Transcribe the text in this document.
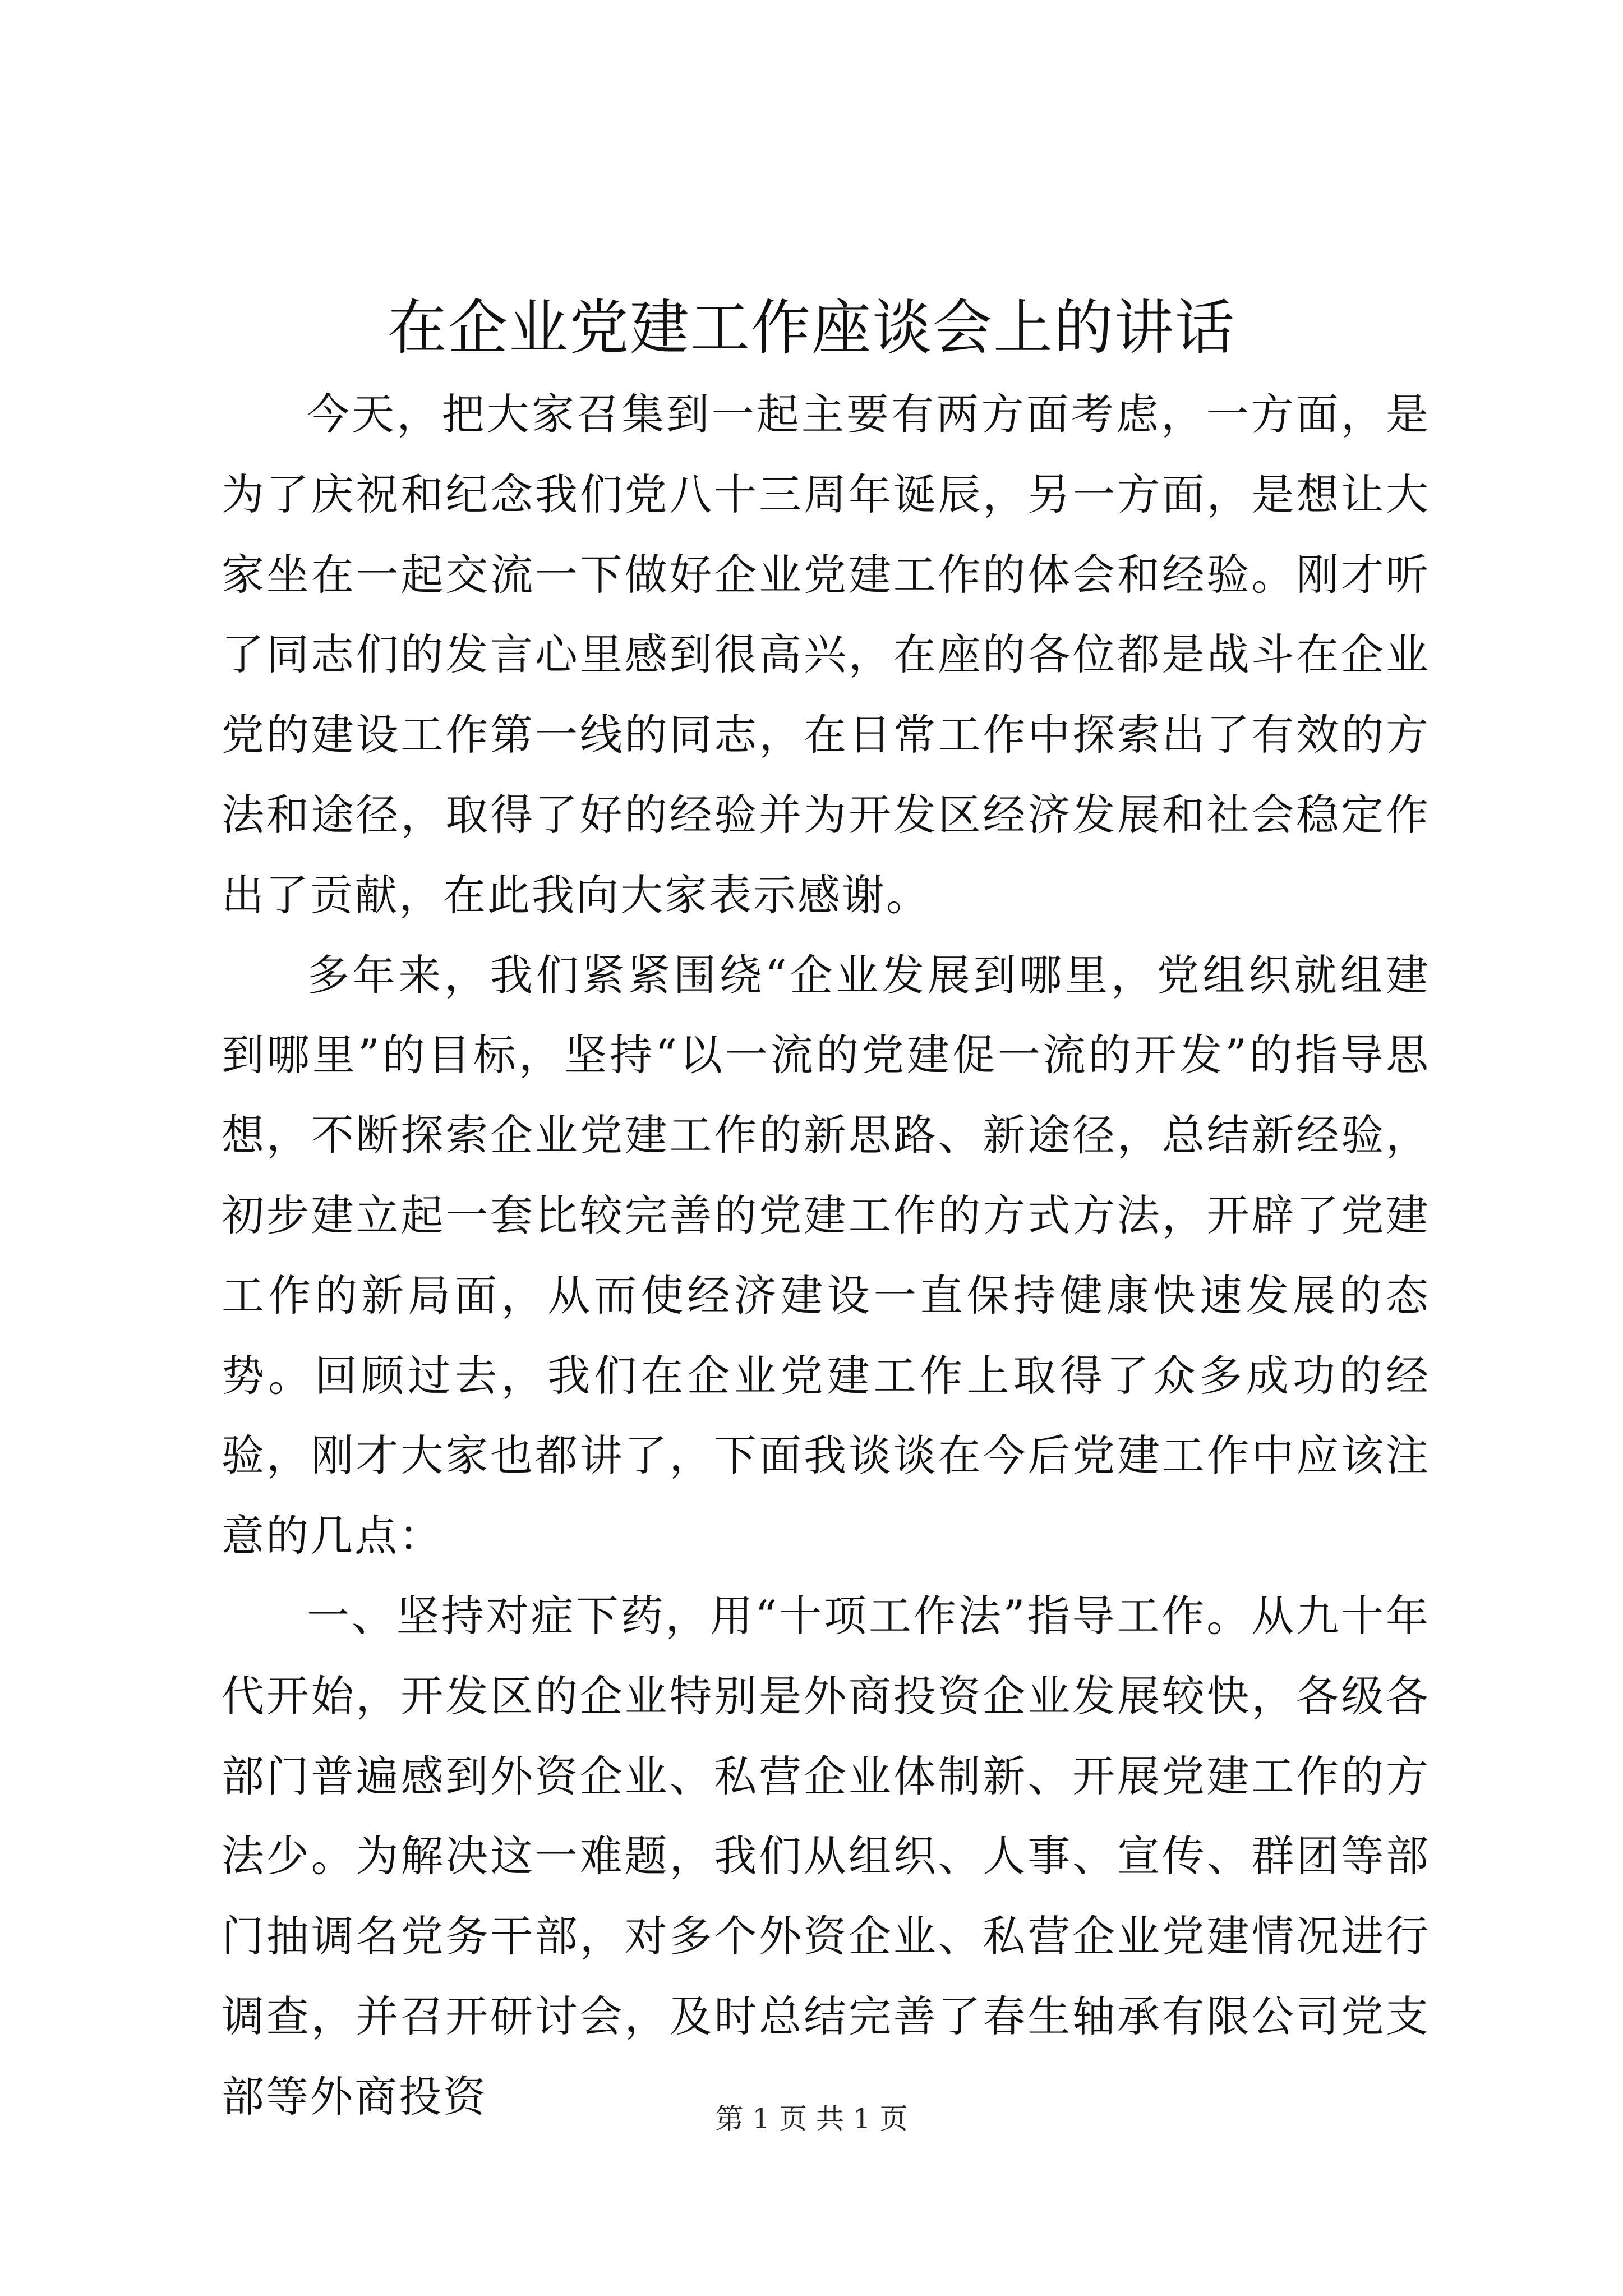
在企业党建工作座谈会上的讲话

今天，把大家召集到一起主要有两方面考虑，一方面，是为了庆祝和纪念我们党八十三周年诞辰，另一方面，是想让大家坐在一起交流一下做好企业党建工作的体会和经验。刚才听了同志们的发言心里感到很高兴，在座的各位都是战斗在企业党的建设工作第一线的同志，在日常工作中探索出了有效的方法和途径，取得了好的经验并为开发区经济发展和社会稳定作出了贡献，在此我向大家表示感谢。

多年来，我们紧紧围绕“企业发展到哪里，党组织就组建到哪里”的目标，坚持“以一流的党建促一流的开发”的指导思想，不断探索企业党建工作的新思路、新途径，总结新经验，初步建立起一套比较完善的党建工作的方式方法，开辟了党建工作的新局面，从而使经济建设一直保持健康快速发展的态势。回顾过去，我们在企业党建工作上取得了众多成功的经验，刚才大家也都讲了，下面我谈谈在今后党建工作中应该注意的几点：

一、坚持对症下药，用“十项工作法”指导工作。从九十年代开始，开发区的企业特别是外商投资企业发展较快，各级各部门普遍感到外资企业、私营企业体制新、开展党建工作的方法少。为解决这一难题，我们从组织、人事、宣传、群团等部门抽调名党务干部，对多个外资企业、私营企业党建情况进行调查，并召开研讨会，及时总结完善了春生轴承有限公司党支部等外商投资	第 1 页 共 1 页
